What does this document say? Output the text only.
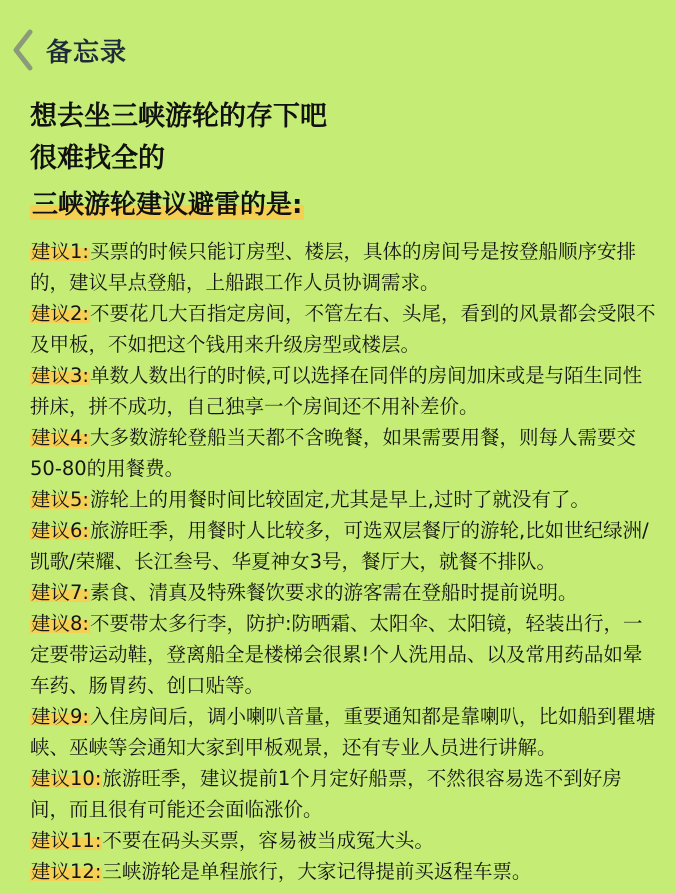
备忘录
想去坐三峡游轮的存下吧
很难找全的
三峡游轮建议避雷的是:
建议1:买票的时候只能订房型、楼层，具体的房间号是按登船顺序安排的，建议早点登船，上船跟工作人员协调需求。
建议2:不要花几大百指定房间，不管左右、头尾，看到的风景都会受限不及甲板，不如把这个钱用来升级房型或楼层。
建议3:单数人数出行的时候,可以选择在同伴的房间加床或是与陌生同性拼床，拼不成功，自己独享一个房间还不用补差价。
建议4:大多数游轮登船当天都不含晚餐，如果需要用餐，则每人需要交50-80的用餐费。
建议5:游轮上的用餐时间比较固定,尤其是早上,过时了就没有了。
建议6:旅游旺季，用餐时人比较多，可选双层餐厅的游轮,比如世纪绿洲/凯歌/荣耀、长江叁号、华夏神女3号，餐厅大，就餐不排队。
建议7:素食、清真及特殊餐饮要求的游客需在登船时提前说明。
建议8:不要带太多行李，防护:防晒霜、太阳伞、太阳镜，轻装出行，一定要带运动鞋，登离船全是楼梯会很累!个人洗用品、以及常用药品如晕车药、肠胃药、创口贴等。
建议9:入住房间后，调小喇叭音量，重要通知都是靠喇叭，比如船到瞿塘峡、巫峡等会通知大家到甲板观景，还有专业人员进行讲解。
建议10:旅游旺季，建议提前1个月定好船票，不然很容易选不到好房间，而且很有可能还会面临涨价。
建议11:不要在码头买票，容易被当成冤大头。
建议12:三峡游轮是单程旅行，大家记得提前买返程车票。
